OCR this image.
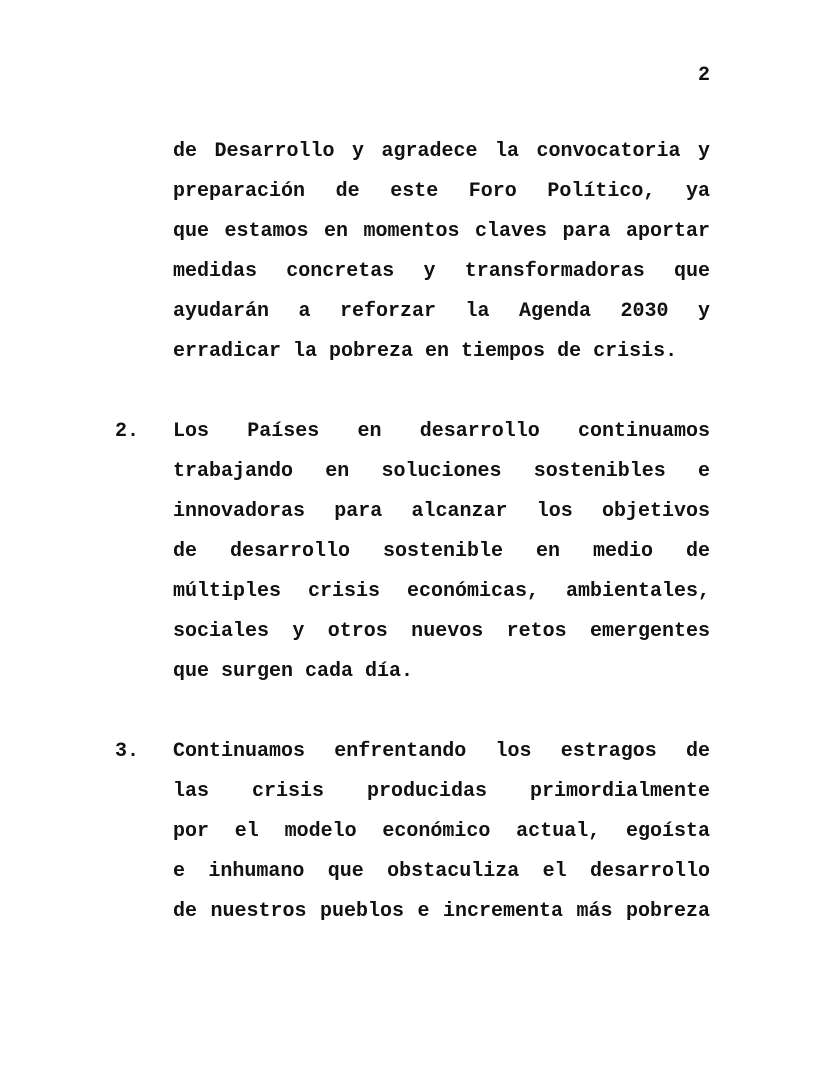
2
de Desarrollo y agradece la convocatoria y
preparación de este Foro Político, ya
que estamos en momentos claves para aportar
medidas concretas y transformadoras que
ayudarán a reforzar la Agenda 2030 y
erradicar la pobreza en tiempos de crisis.
2.	Los Países en desarrollo continuamos
trabajando en soluciones sostenibles e
innovadoras para alcanzar los objetivos
de desarrollo sostenible en medio de
múltiples crisis económicas, ambientales,
sociales y otros nuevos retos emergentes
que surgen cada día.
3.	Continuamos enfrentando los estragos de
las crisis producidas primordialmente
por el modelo económico actual, egoísta
e inhumano que obstaculiza el desarrollo
de nuestros pueblos e incrementa más pobreza
